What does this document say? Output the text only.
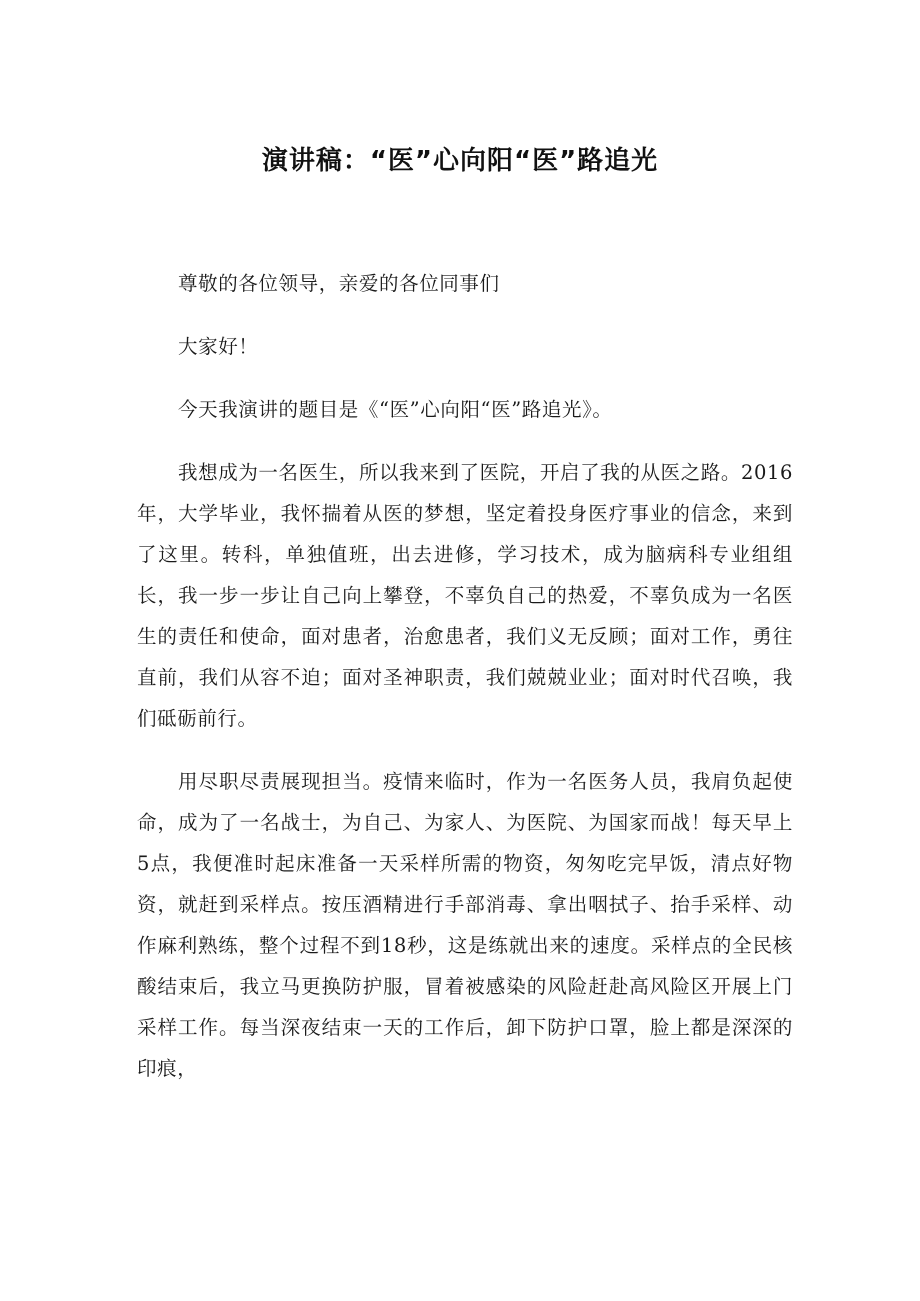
演讲稿：“医”心向阳“医”路追光

尊敬的各位领导，亲爱的各位同事们

大家好！

今天我演讲的题目是《“医”心向阳“医”路追光》。

我想成为一名医生，所以我来到了医院，开启了我的从医之路。2016年，大学毕业，我怀揣着从医的梦想，坚定着投身医疗事业的信念，来到了这里。转科，单独值班，出去进修，学习技术，成为脑病科专业组组长，我一步一步让自己向上攀登，不辜负自己的热爱，不辜负成为一名医生的责任和使命，面对患者，治愈患者，我们义无反顾；面对工作，勇往直前，我们从容不迫；面对圣神职责，我们兢兢业业；面对时代召唤，我们砥砺前行。

用尽职尽责展现担当。疫情来临时，作为一名医务人员，我肩负起使命，成为了一名战士，为自己、为家人、为医院、为国家而战！每天早上5点，我便准时起床准备一天采样所需的物资，匆匆吃完早饭，清点好物资，就赶到采样点。按压酒精进行手部消毒、拿出咽拭子、抬手采样、动作麻利熟练，整个过程不到18秒，这是练就出来的速度。采样点的全民核酸结束后，我立马更换防护服，冒着被感染的风险赶赴高风险区开展上门采样工作。每当深夜结束一天的工作后，卸下防护口罩，脸上都是深深的印痕，
